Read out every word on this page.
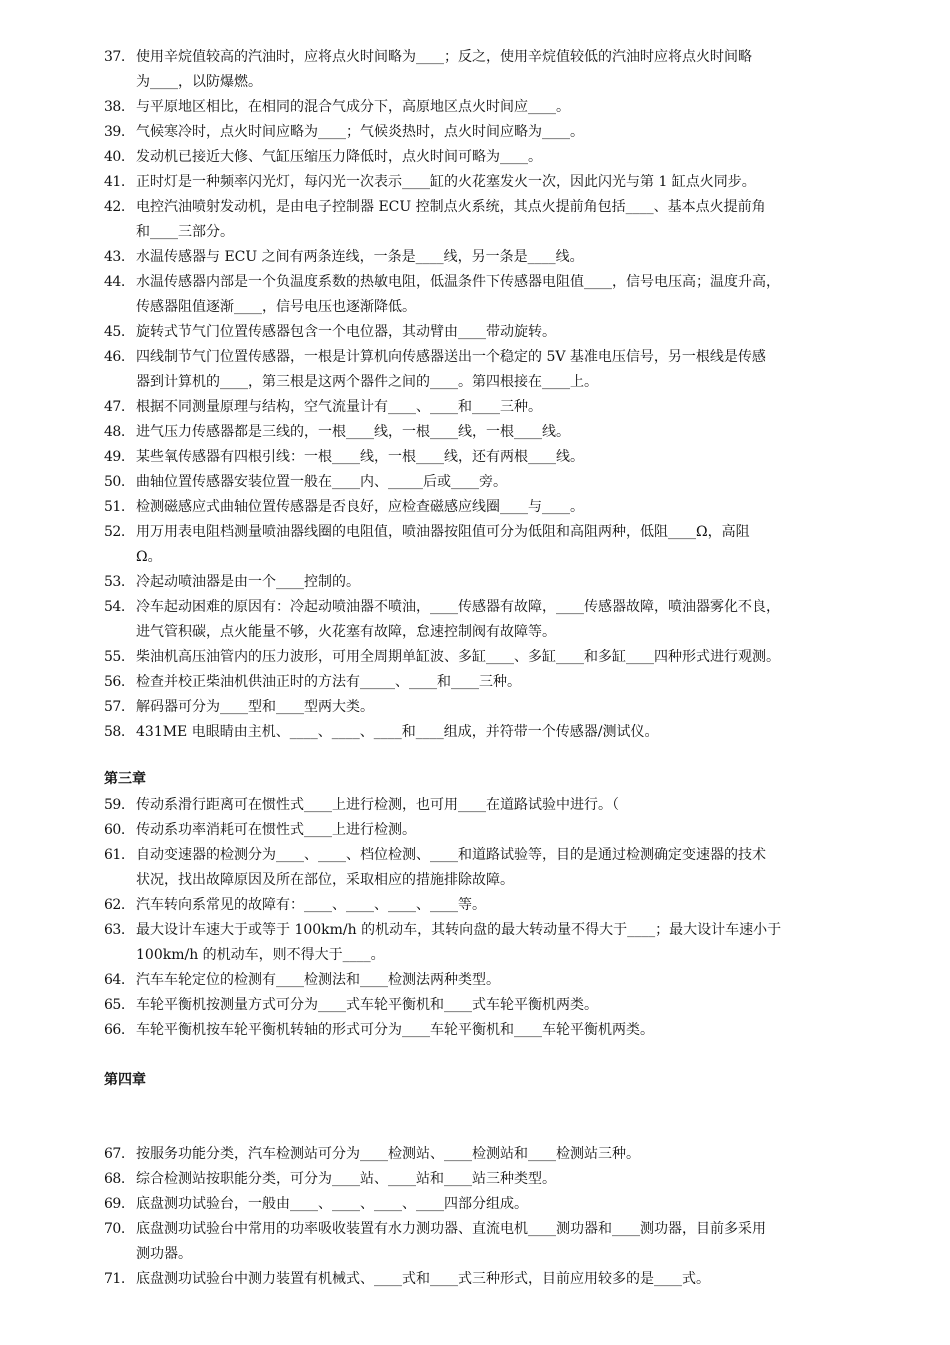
37. 使用辛烷值较高的汽油时，应将点火时间略为____；反之，使用辛烷值较低的汽油时应将点火时间略
为____，以防爆燃。
38. 与平原地区相比，在相同的混合气成分下，高原地区点火时间应____。
39. 气候寒冷时，点火时间应略为____；气候炎热时，点火时间应略为____。
40. 发动机已接近大修、气缸压缩压力降低时，点火时间可略为____。
41. 正时灯是一种频率闪光灯，每闪光一次表示____缸的火花塞发火一次，因此闪光与第 1 缸点火同步。
42. 电控汽油喷射发动机，是由电子控制器 ECU 控制点火系统，其点火提前角包括____、基本点火提前角
和____三部分。
43. 水温传感器与 ECU 之间有两条连线，一条是____线，另一条是____线。
44. 水温传感器内部是一个负温度系数的热敏电阻，低温条件下传感器电阻值____，信号电压高；温度升高，
传感器阻值逐渐____，信号电压也逐渐降低。
45. 旋转式节气门位置传感器包含一个电位器，其动臂由____带动旋转。
46. 四线制节气门位置传感器，一根是计算机向传感器送出一个稳定的 5V 基准电压信号，另一根线是传感
器到计算机的____，第三根是这两个器件之间的____。第四根接在____上。
47. 根据不同测量原理与结构，空气流量计有____、____和____三种。
48. 进气压力传感器都是三线的，一根____线，一根____线，一根____线。
49. 某些氧传感器有四根引线：一根____线，一根____线，还有两根____线。
50. 曲轴位置传感器安装位置一般在____内、_____后或____旁。
51. 检测磁感应式曲轴位置传感器是否良好，应检查磁感应线圈____与____。
52. 用万用表电阻档测量喷油器线圈的电阻值，喷油器按阻值可分为低阻和高阻两种，低阻____Ω，高阻
Ω。
53. 冷起动喷油器是由一个____控制的。
54. 冷车起动困难的原因有：冷起动喷油器不喷油，____传感器有故障，____传感器故障，喷油器雾化不良，
进气管积碳，点火能量不够，火花塞有故障，怠速控制阀有故障等。
55. 柴油机高压油管内的压力波形，可用全周期单缸波、多缸____、多缸____和多缸____四种形式进行观测。
56. 检查并校正柴油机供油正时的方法有_____、____和____三种。
57. 解码器可分为____型和____型两大类。
58. 431ME 电眼睛由主机、____、____、____和____组成，并符带一个传感器/测试仪。
第三章
59. 传动系滑行距离可在惯性式____上进行检测，也可用____在道路试验中进行。（
60. 传动系功率消耗可在惯性式____上进行检测。
61. 自动变速器的检测分为____、____、档位检测、____和道路试验等，目的是通过检测确定变速器的技术
状况，找出故障原因及所在部位，采取相应的措施排除故障。
62. 汽车转向系常见的故障有：____、____、____、____等。
63. 最大设计车速大于或等于 100km/h 的机动车，其转向盘的最大转动量不得大于____；最大设计车速小于
100km/h 的机动车，则不得大于____。
64. 汽车车轮定位的检测有____检测法和____检测法两种类型。
65. 车轮平衡机按测量方式可分为____式车轮平衡机和____式车轮平衡机两类。
66. 车轮平衡机按车轮平衡机转轴的形式可分为____车轮平衡机和____车轮平衡机两类。
第四章
67. 按服务功能分类，汽车检测站可分为____检测站、____检测站和____检测站三种。
68. 综合检测站按职能分类，可分为____站、____站和____站三种类型。
69. 底盘测功试验台，一般由____、____、____、____四部分组成。
70. 底盘测功试验台中常用的功率吸收装置有水力测功器、直流电机____测功器和____测功器，目前多采用
测功器。
71. 底盘测功试验台中测力装置有机械式、____式和____式三种形式，目前应用较多的是____式。
